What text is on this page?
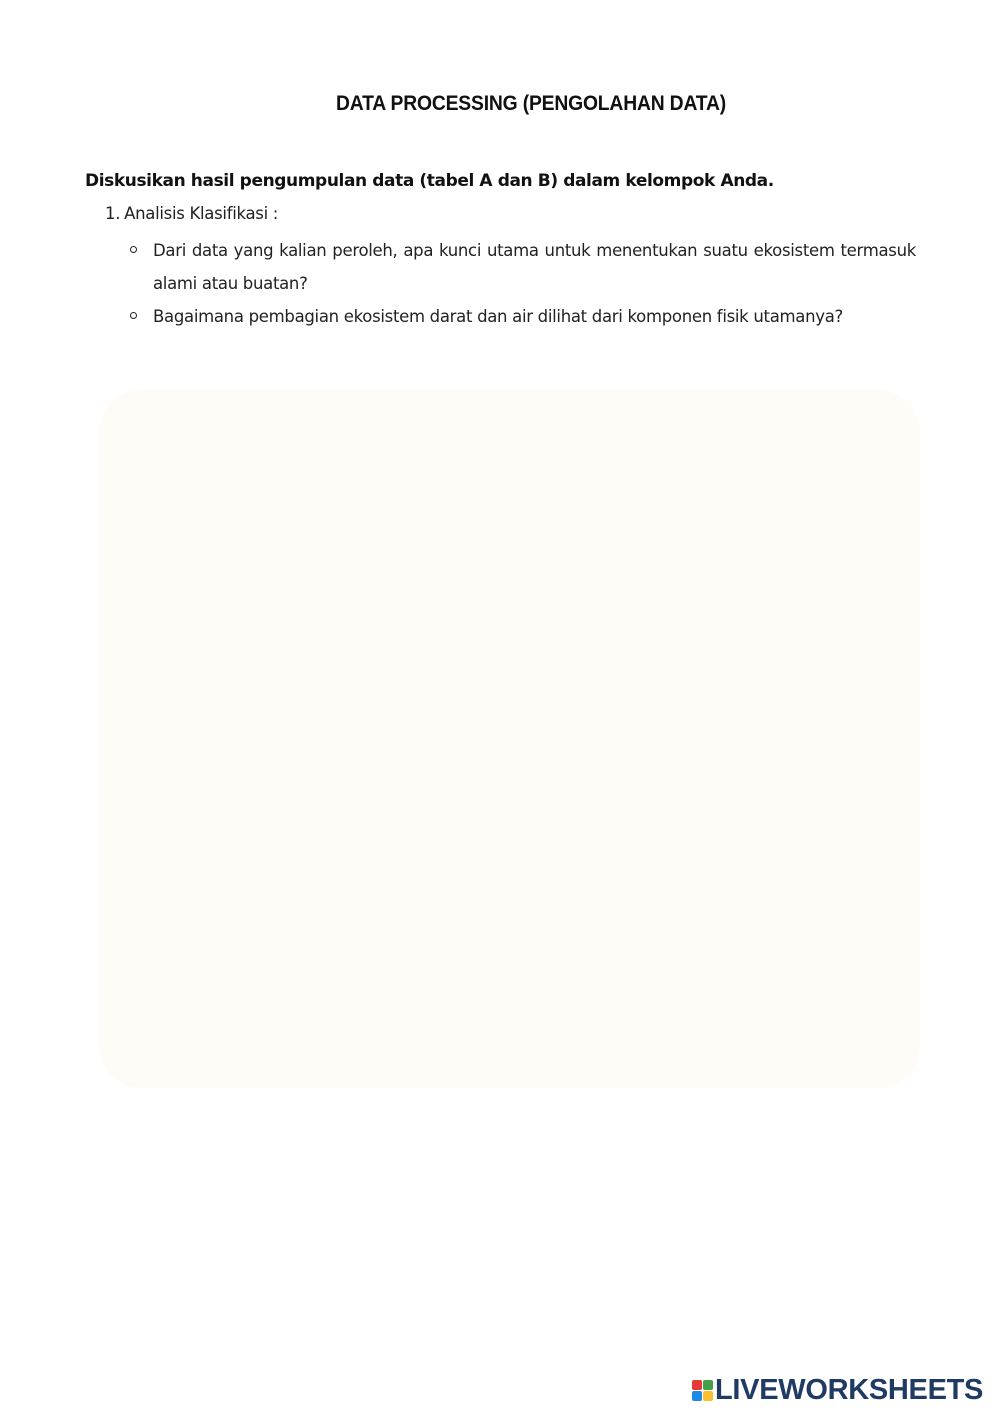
DATA PROCESSING (PENGOLAHAN DATA)
Diskusikan hasil pengumpulan data (tabel A dan B) dalam kelompok Anda.
1. Analisis Klasifikasi :
Dari data yang kalian peroleh, apa kunci utama untuk menentukan suatu ekosistem termasuk alami atau buatan?
Bagaimana pembagian ekosistem darat dan air dilihat dari komponen fisik utamanya?
LIVEWORKSHEETS
